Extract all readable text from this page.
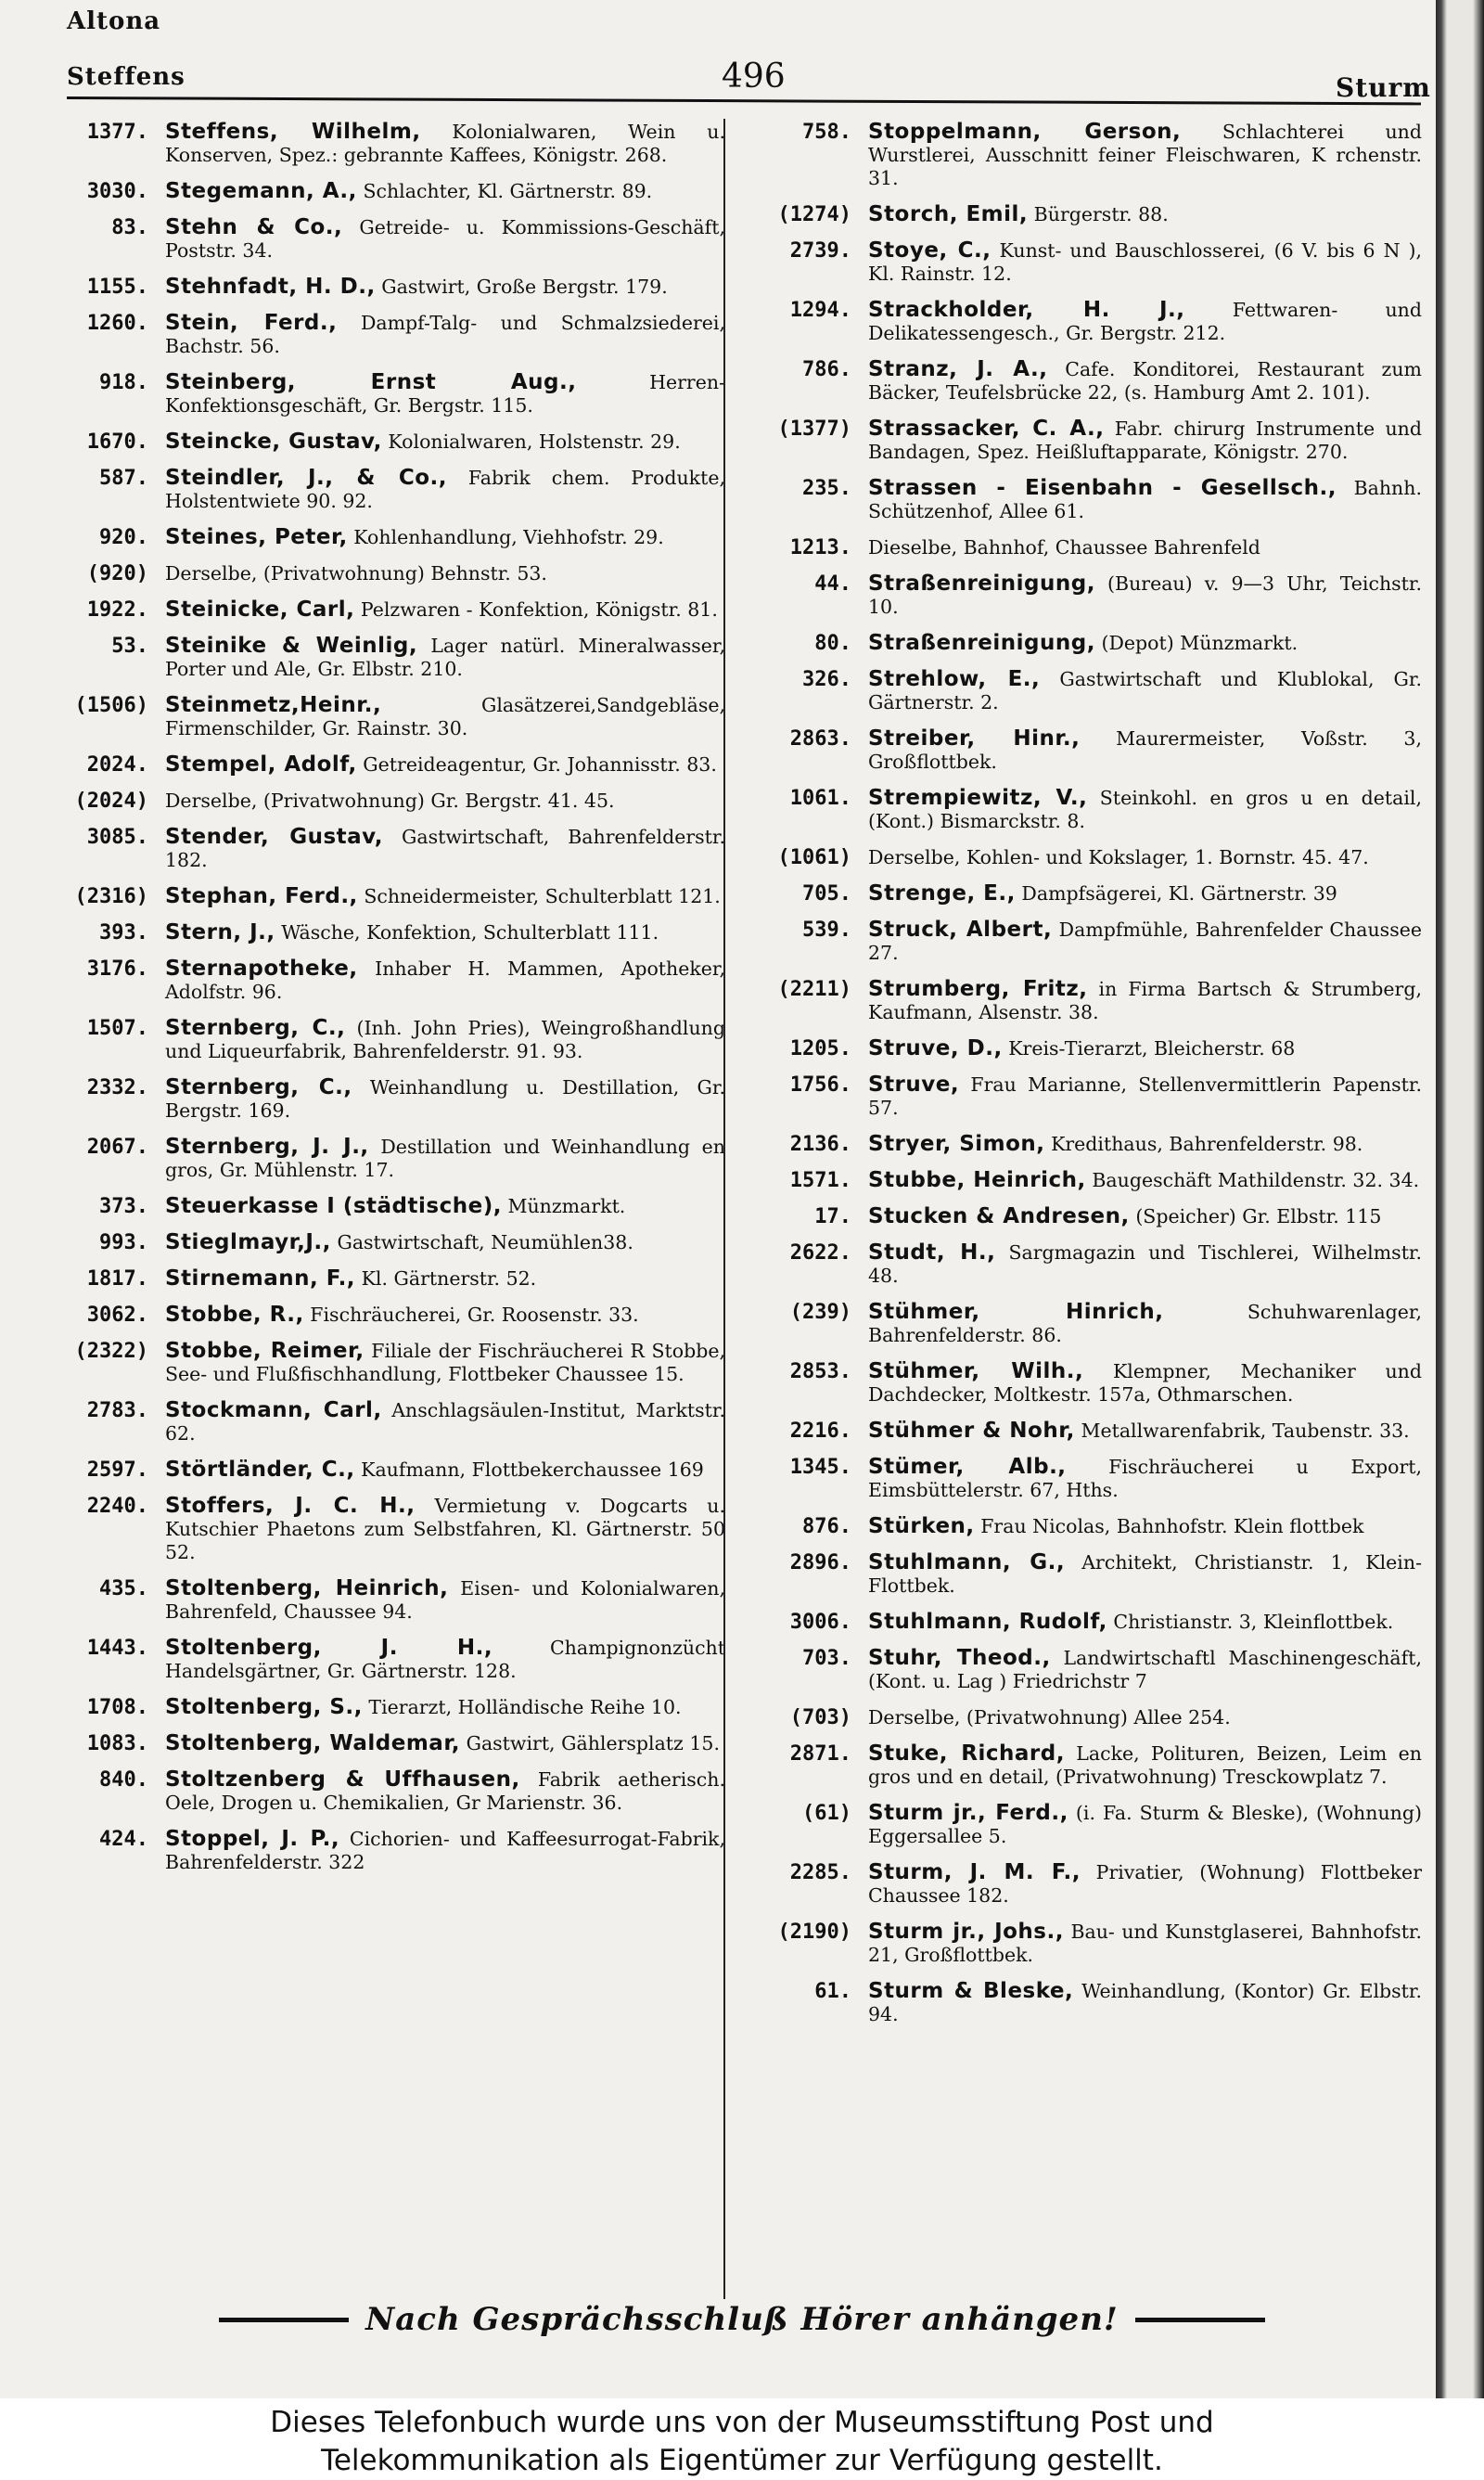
Altona
Steffens	496	Sturm
1377. Steffens, Wilhelm, Kolonialwaren, Wein u. Konserven, Spez.: gebrannte Kaffees, Königstr. 268.
3030. Stegemann, A., Schlachter, Kl. Gärtnerstr. 89.
83. Stehn & Co., Getreide- u. Kommissions-Geschäft, Poststr. 34.
1155. Stehnfadt, H. D., Gastwirt, Große Bergstr. 179.
1260. Stein, Ferd., Dampf-Talg- und Schmalzsiederei, Bachstr. 56.
918. Steinberg, Ernst Aug.,	Herren-Konfektionsgeschäft, Gr. Bergstr. 115.
1670. Steincke, Gustav, Kolonialwaren, Holstenstr. 29.
587. Steindler, J., & Co., Fabrik chem. Produkte, Holstentwiete 90. 92.
920. Steines, Peter, Kohlenhandlung, Viehhofstr. 29.
(920) Derselbe, (Privatwohnung) Behnstr. 53.
1922. Steinicke, Carl, Pelzwaren - Konfektion, Königstr. 81.
53. Steinike & Weinlig, Lager natürl. Mineralwasser, Porter und Ale, Gr. Elbstr. 210.
(1506) Steinmetz,Heinr.,	Glasätzerei,Sandgebläse, Firmenschilder, Gr. Rainstr. 30.
2024. Stempel, Adolf, Getreideagentur, Gr. Johannisstr. 83.
(2024) Derselbe, (Privatwohnung) Gr. Bergstr. 41. 45.
3085. Stender, Gustav, Gastwirtschaft, Bahrenfelderstr. 182.
(2316) Stephan, Ferd., Schneidermeister, Schulterblatt 121.
393. Stern, J., Wäsche, Konfektion, Schulterblatt 111.
3176. Sternapotheke, Inhaber H. Mammen, Apotheker, Adolfstr. 96.
1507. Sternberg, C., (Inh. John Pries), Weingroßhandlung und Liqueurfabrik, Bahrenfelderstr. 91. 93.
2332. Sternberg, C., Weinhandlung u. Destillation, Gr. Bergstr. 169.
2067. Sternberg, J. J., Destillation und Weinhandlung en gros, Gr. Mühlenstr. 17.
373. Steuerkasse I (städtische), Münzmarkt.
993. Stieglmayr,J., Gastwirtschaft, Neumühlen38.
1817. Stirnemann, F., Kl. Gärtnerstr. 52.
3062. Stobbe, R., Fischräucherei, Gr. Roosenstr. 33.
(2322) Stobbe, Reimer, Filiale der Fischräucherei R Stobbe, See- und Flußfischhandlung, Flottbeker Chaussee 15.
2783. Stockmann, Carl, Anschlagsäulen-Institut, Marktstr. 62.
2597. Störtländer, C., Kaufmann, Flottbekerchaussee 169
2240. Stoffers, J. C. H., Vermietung v. Dogcarts u. Kutschier Phaetons zum Selbstfahren, Kl. Gärtnerstr. 50 52.
435. Stoltenberg, Heinrich, Eisen- und Kolonialwaren, Bahrenfeld, Chaussee 94.
1443. Stoltenberg, J. H.,	Champignonzücht Handelsgärtner, Gr. Gärtnerstr. 128.
1708. Stoltenberg, S., Tierarzt, Holländische Reihe 10.
1083. Stoltenberg, Waldemar, Gastwirt, Gählersplatz 15.
840. Stoltzenberg & Uffhausen, Fabrik aetherisch. Oele, Drogen u. Chemikalien, Gr Marienstr. 36.
424. Stoppel, J. P., Cichorien- und Kaffeesurrogat-Fabrik, Bahrenfelderstr. 322
758. Stoppelmann, Gerson, Schlachterei und Wurstlerei, Ausschnitt feiner Fleischwaren, K rchenstr. 31.
(1274) Storch, Emil, Bürgerstr. 88.
2739. Stoye, C., Kunst- und Bauschlosserei, (6 V. bis 6 N ), Kl. Rainstr. 12.
1294. Strackholder, H. J., Fettwaren- und Delikatessengesch., Gr. Bergstr. 212.
786. Stranz, J. A., Cafe. Konditorei, Restaurant zum Bäcker, Teufelsbrücke 22, (s. Hamburg Amt 2. 101).
(1377) Strassacker, C. A., Fabr. chirurg Instrumente und Bandagen, Spez. Heißluftapparate, Königstr. 270.
235. Strassen - Eisenbahn - Gesellsch., Bahnh. Schützenhof, Allee 61.
1213. Dieselbe, Bahnhof, Chaussee Bahrenfeld
44. Straßenreinigung, (Bureau) v. 9—3 Uhr, Teichstr. 10.
80. Straßenreinigung, (Depot) Münzmarkt.
326. Strehlow, E., Gastwirtschaft und Klublokal, Gr. Gärtnerstr. 2.
2863. Streiber, Hinr., Maurermeister, Voßstr. 3, Großflottbek.
1061. Strempiewitz, V., Steinkohl. en gros u en detail, (Kont.) Bismarckstr. 8.
(1061) Derselbe, Kohlen- und Kokslager, 1. Bornstr. 45. 47.
705. Strenge, E., Dampfsägerei, Kl. Gärtnerstr. 39
539. Struck, Albert, Dampfmühle, Bahrenfelder Chaussee 27.
(2211) Strumberg, Fritz, in Firma Bartsch & Strumberg, Kaufmann, Alsenstr. 38.
1205. Struve, D., Kreis-Tierarzt, Bleicherstr. 68
1756. Struve, Frau Marianne, Stellenvermittlerin Papenstr. 57.
2136. Stryer, Simon, Kredithaus, Bahrenfelderstr. 98.
1571. Stubbe, Heinrich, Baugeschäft Mathildenstr. 32. 34.
17. Stucken & Andresen, (Speicher) Gr. Elbstr. 115
2622. Studt, H., Sargmagazin und Tischlerei, Wilhelmstr. 48.
(239) Stühmer, Hinrich,	Schuhwarenlager, Bahrenfelderstr. 86.
2853. Stühmer, Wilh., Klempner, Mechaniker und Dachdecker, Moltkestr. 157a, Othmarschen.
2216. Stühmer & Nohr, Metallwarenfabrik, Taubenstr. 33.
1345. Stümer, Alb., Fischräucherei u Export, Eimsbüttelerstr. 67, Hths.
876. Stürken, Frau Nicolas, Bahnhofstr. Klein flottbek
2896. Stuhlmann, G., Architekt, Christianstr. 1, Klein-Flottbek.
3006. Stuhlmann, Rudolf, Christianstr. 3, Kleinflottbek.
703. Stuhr, Theod., Landwirtschaftl Maschinengeschäft, (Kont. u. Lag ) Friedrichstr 7
(703) Derselbe, (Privatwohnung) Allee 254.
2871. Stuke, Richard, Lacke, Polituren, Beizen, Leim en gros und en detail, (Privatwohnung) Tresckowplatz 7.
(61) Sturm jr., Ferd., (i. Fa. Sturm & Bleske), (Wohnung) Eggersallee 5.
2285. Sturm, J. M. F., Privatier, (Wohnung) Flottbeker Chaussee 182.
(2190) Sturm jr., Johs., Bau- und Kunstglaserei, Bahnhofstr. 21, Großflottbek.
61. Sturm & Bleske, Weinhandlung, (Kontor) Gr. Elbstr. 94.
Nach Gesprächsschluß Hörer anhängen!
Dieses Telefonbuch wurde uns von der Museumsstiftung Post und
Telekommunikation als Eigentümer zur Verfügung gestellt.
